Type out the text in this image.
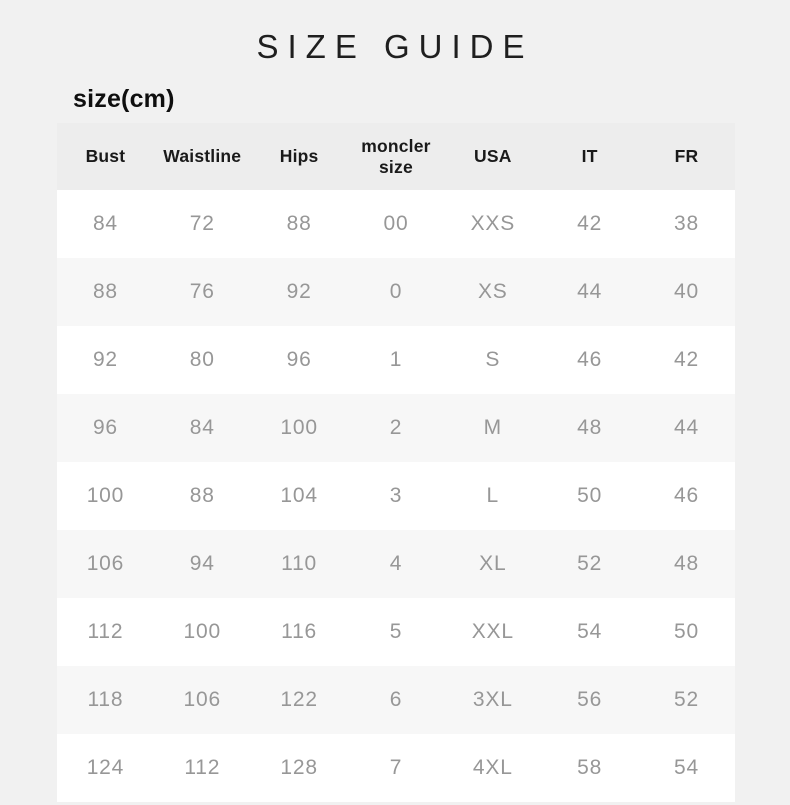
SIZE GUIDE
size(cm)
Bust	Waistline	Hips	moncler size	USA	IT	FR
84	72	88	00	XXS	42	38
88	76	92	0	XS	44	40
92	80	96	1	S	46	42
96	84	100	2	M	48	44
100	88	104	3	L	50	46
106	94	110	4	XL	52	48
112	100	116	5	XXL	54	50
118	106	122	6	3XL	56	52
124	112	128	7	4XL	58	54
